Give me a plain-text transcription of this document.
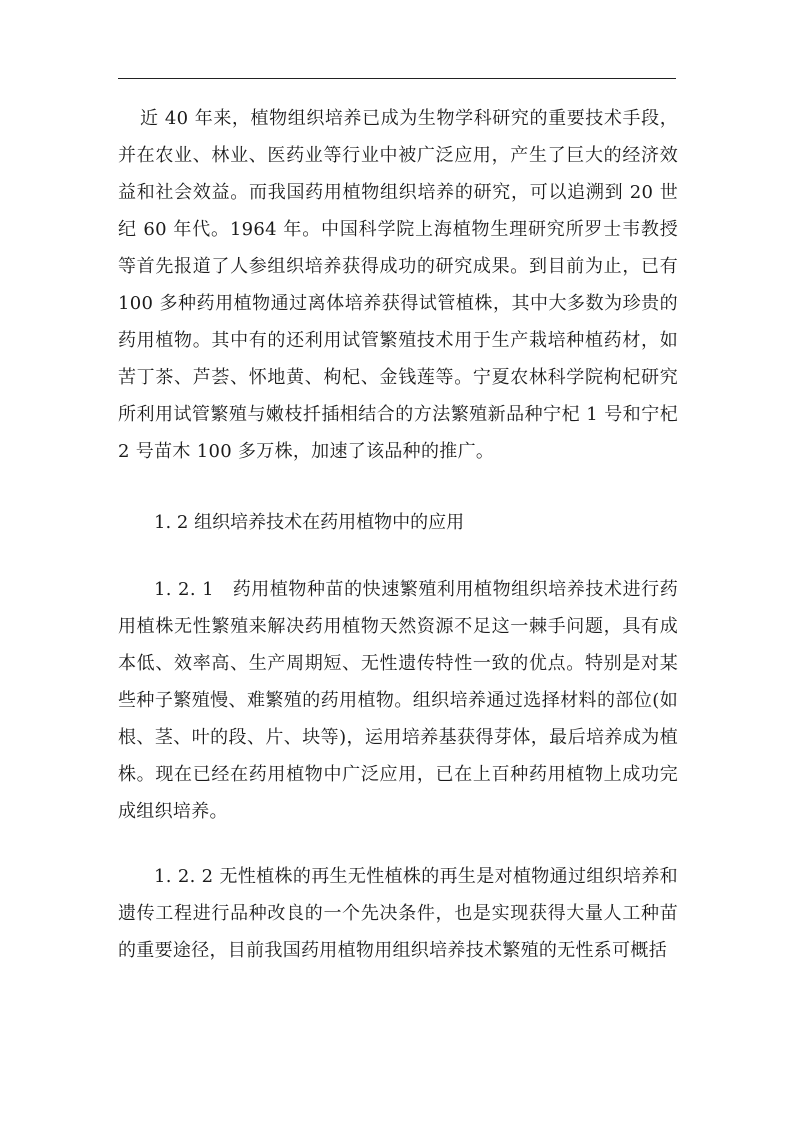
近 40 年来，植物组织培养已成为生物学科研究的重要技术手段，并在农业、林业、医药业等行业中被广泛应用，产生了巨大的经济效益和社会效益。而我国药用植物组织培养的研究，可以追溯到 20 世纪 60 年代。1964 年。中国科学院上海植物生理研究所罗士韦教授等首先报道了人参组织培养获得成功的研究成果。到目前为止，已有 100 多种药用植物通过离体培养获得试管植株，其中大多数为珍贵的药用植物。其中有的还利用试管繁殖技术用于生产栽培种植药材，如苦丁茶、芦荟、怀地黄、枸杞、金钱莲等。宁夏农林科学院枸杞研究所利用试管繁殖与嫩枝扦插相结合的方法繁殖新品种宁杞 1 号和宁杞 2 号苗木 100 多万株，加速了该品种的推广。

1. 2 组织培养技术在药用植物中的应用

1. 2. 1　药用植物种苗的快速繁殖利用植物组织培养技术进行药用植株无性繁殖来解决药用植物天然资源不足这一棘手问题，具有成本低、效率高、生产周期短、无性遗传特性一致的优点。特别是对某些种子繁殖慢、难繁殖的药用植物。组织培养通过选择材料的部位(如根、茎、叶的段、片、块等)，运用培养基获得芽体，最后培养成为植株。现在已经在药用植物中广泛应用，已在上百种药用植物上成功完成组织培养。

1. 2. 2 无性植株的再生无性植株的再生是对植物通过组织培养和遗传工程进行品种改良的一个先决条件，也是实现获得大量人工种苗的重要途径，目前我国药用植物用组织培养技术繁殖的无性系可概括
